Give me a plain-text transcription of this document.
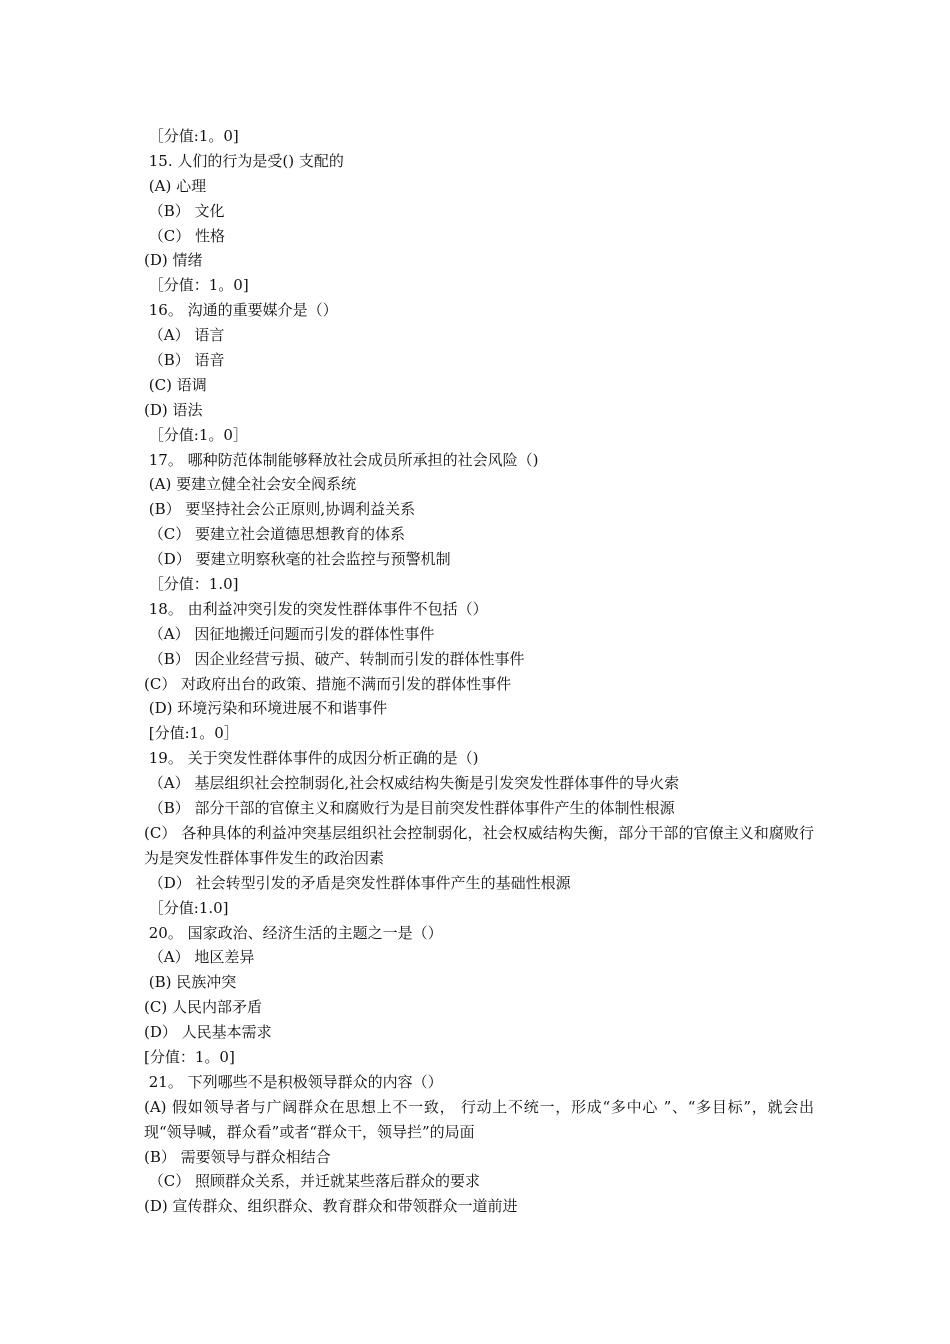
［分值:1。0]
15. 人们的行为是受() 支配的
(A) 心理
（B） 文化
（C） 性格
(D) 情绪
［分值：1。0]
16。 沟通的重要媒介是（）
（A） 语言
（B） 语音
(C) 语调
(D) 语法
［分值:1。0］
17。 哪种防范体制能够释放社会成员所承担的社会风险（)
(A) 要建立健全社会安全阀系统
(B） 要坚持社会公正原则,协调利益关系
（C） 要建立社会道德思想教育的体系
（D） 要建立明察秋毫的社会监控与预警机制
［分值：1.0]
18。 由利益冲突引发的突发性群体事件不包括（）
（A） 因征地搬迁问题而引发的群体性事件
（B） 因企业经营亏损、破产、转制而引发的群体性事件
(C） 对政府出台的政策、措施不满而引发的群体性事件
(D) 环境污染和环境进展不和谐事件
[分值:1。0］
19。 关于突发性群体事件的成因分析正确的是（)
（A） 基层组织社会控制弱化,社会权威结构失衡是引发突发性群体事件的导火索
（B） 部分干部的官僚主义和腐败行为是目前突发性群体事件产生的体制性根源
(C） 各种具体的利益冲突基层组织社会控制弱化，社会权威结构失衡，部分干部的官僚主义和腐败行为是突发性群体事件发生的政治因素
（D） 社会转型引发的矛盾是突发性群体事件产生的基础性根源
［分值:1.0]
20。 国家政治、经济生活的主题之一是（）
（A） 地区差异
(B) 民族冲突
(C) 人民内部矛盾
(D） 人民基本需求
[分值：1。0]
21。 下列哪些不是积极领导群众的内容（）
(A) 假如领导者与广阔群众在思想上不一致， 行动上不统一，形成“多中心 ”、“多目标”，就会出现“领导喊，群众看”或者“群众干，领导拦”的局面
(B） 需要领导与群众相结合
（C） 照顾群众关系，并迁就某些落后群众的要求
(D) 宣传群众、组织群众、教育群众和带领群众一道前进
